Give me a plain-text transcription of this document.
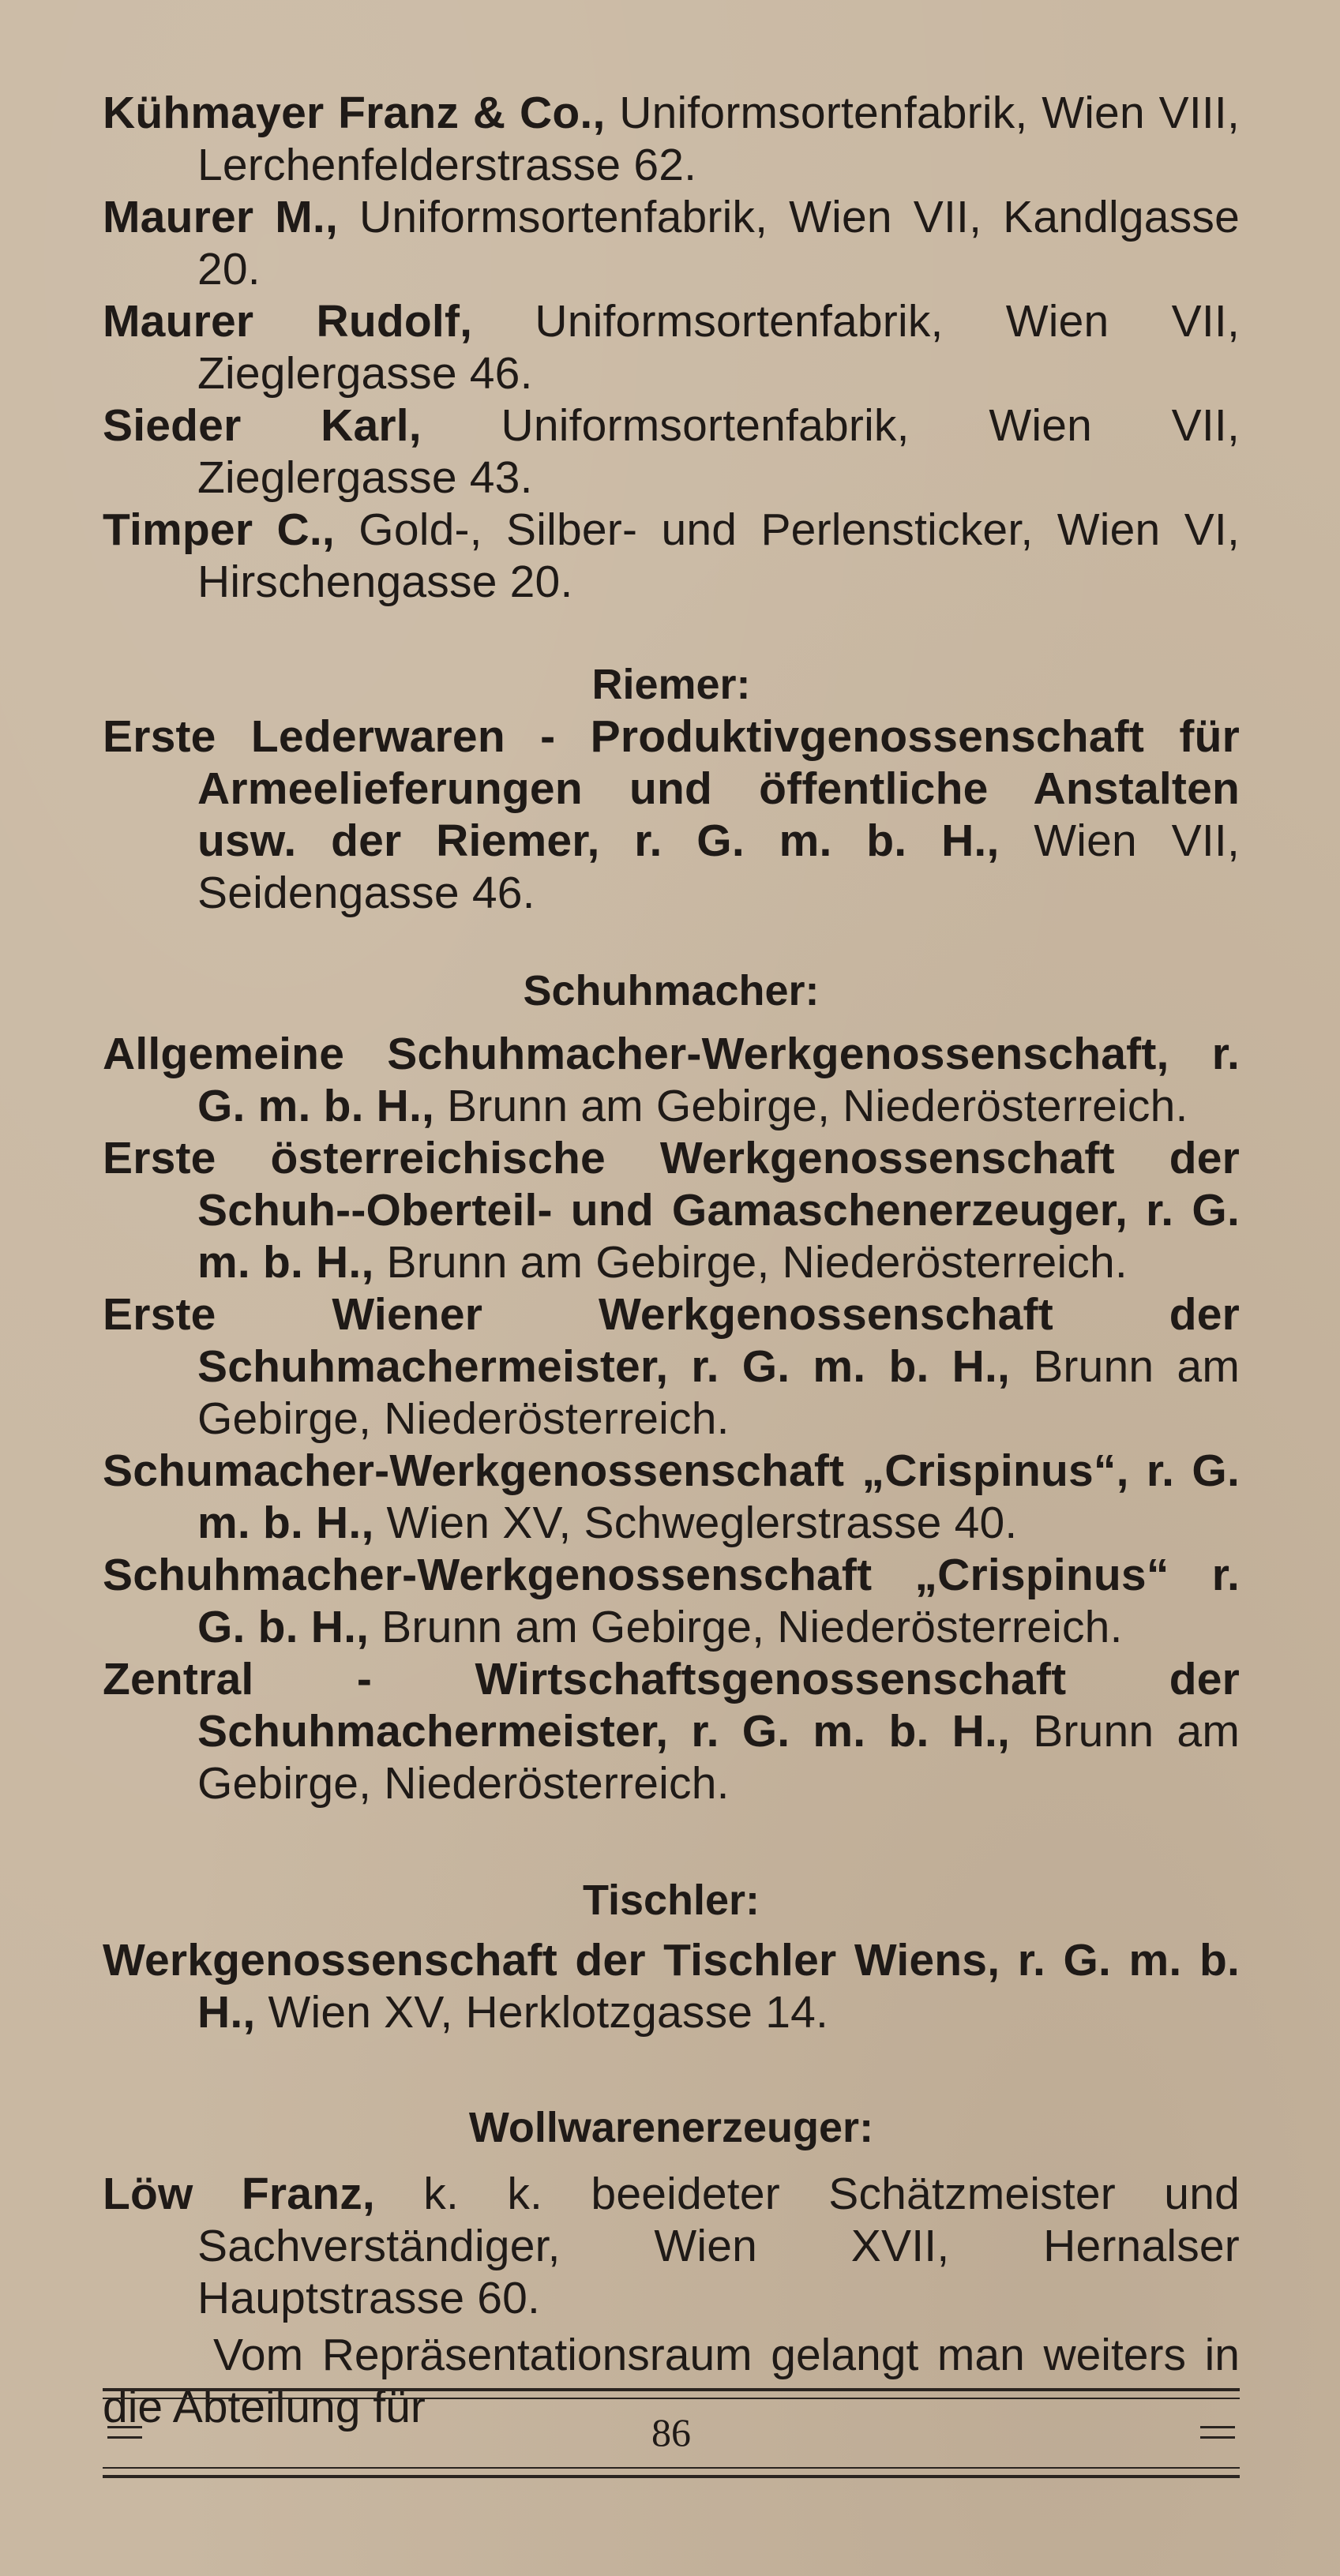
Kühmayer Franz & Co., Uniformsortenfabrik, Wien VIII, Lerchenfelderstrasse 62.

Maurer M., Uniformsortenfabrik, Wien VII, Kandlgasse 20.

Maurer Rudolf, Uniformsortenfabrik, Wien VII, Zieglergasse 46.

Sieder Karl, Uniformsortenfabrik, Wien VII, Zieglergasse 43.

Timper C., Gold-, Silber- und Perlensticker, Wien VI, Hirschengasse 20.

Riemer:

Erste Lederwaren - Produktivgenossenschaft für Armeelieferungen und öffentliche Anstalten usw. der Riemer, r. G. m. b. H., Wien VII, Seidengasse 46.

Schuhmacher:

Allgemeine Schuhmacher-Werkgenossenschaft, r. G. m. b. H., Brunn am Gebirge, Niederösterreich.

Erste österreichische Werkgenossenschaft der Schuh--Oberteil- und Gamaschenerzeuger, r. G. m. b. H., Brunn am Gebirge, Niederösterreich.

Erste Wiener Werkgenossenschaft der Schuhmachermeister, r. G. m. b. H., Brunn am Gebirge, Niederösterreich.

Schumacher-Werkgenossenschaft „Crispinus“, r. G. m. b. H., Wien XV, Schweglerstrasse 40.

Schuhmacher-Werkgenossenschaft „Crispinus“ r. G. b. H., Brunn am Gebirge, Niederösterreich.

Zentral - Wirtschaftsgenossenschaft der Schuhmachermeister, r. G. m. b. H., Brunn am Gebirge, Niederösterreich.

Tischler:

Werkgenossenschaft der Tischler Wiens, r. G. m. b. H., Wien XV, Herklotzgasse 14.

Wollwarenerzeuger:

Löw Franz, k. k. beeideter Schätzmeister und Sachverständiger, Wien XVII, Hernalser Hauptstrasse 60.

Vom Repräsentationsraum gelangt man weiters in die Abteilung für	86
